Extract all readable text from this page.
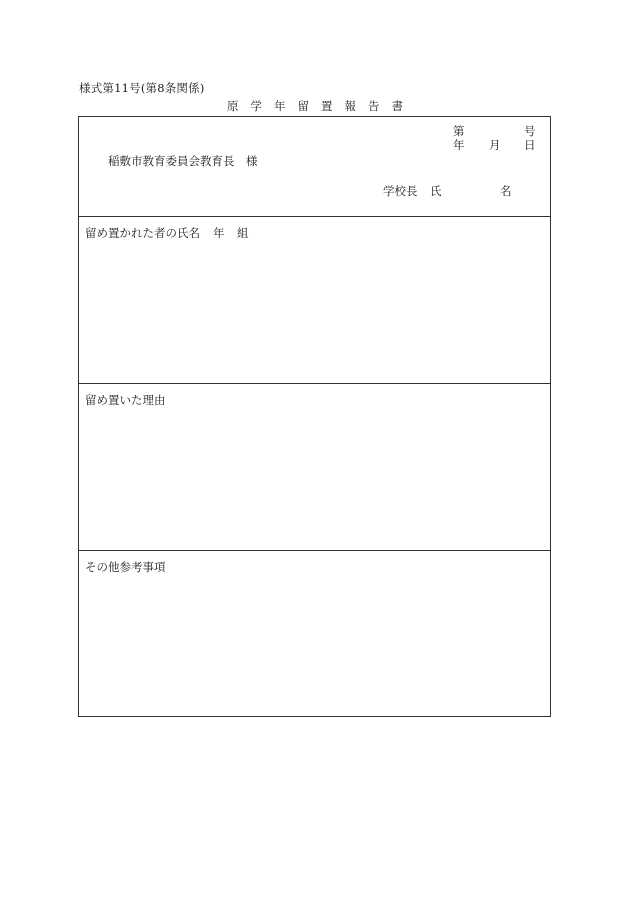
様式第11号(第8条関係)
原 学 年 留 置 報 告 書
第	号
年 月 日
稲敷市教育委員会教育長　様
学校長 氏	名
留め置かれた者の氏名 年 組
留め置いた理由
その他参考事項
